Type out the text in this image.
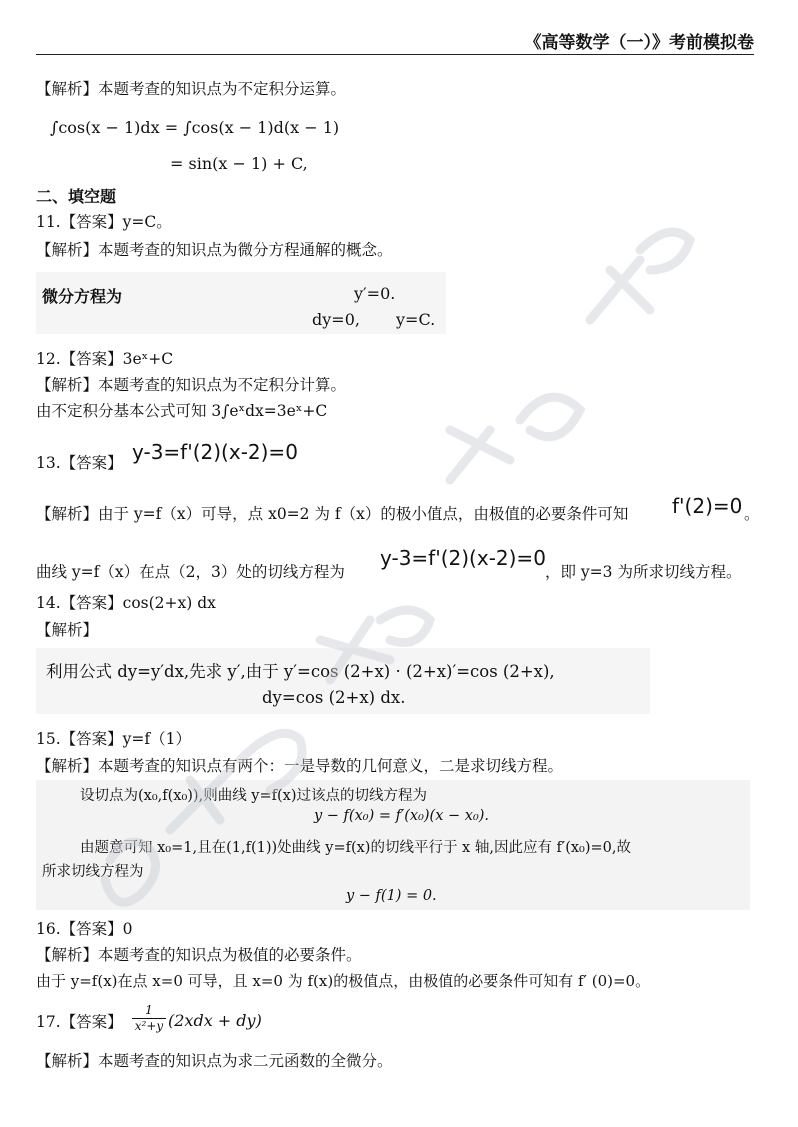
《高等数学（一）》考前模拟卷
【解析】本题考查的知识点为不定积分运算。
∫cos(x − 1)dx = ∫cos(x − 1)d(x − 1)
= sin(x − 1) + C,
二、填空题
11.【答案】y=C。
【解析】本题考查的知识点为微分方程通解的概念。
微分方程为	y′=0.
dy=0, y=C.
12.【答案】3eˣ+C
【解析】本题考查的知识点为不定积分计算。
由不定积分基本公式可知 3∫eˣdx=3eˣ+C
13.【答案】 y-3=f'(2)(x-2)=0
【解析】由于 y=f（x）可导，点 x0=2 为 f（x）的极小值点，由极值的必要条件可知 f'(2)=0 。
曲线 y=f（x）在点（2，3）处的切线方程为
y-3=f'(2)(x-2)=0
，即 y=3 为所求切线方程。
14.【答案】cos(2+x) dx
【解析】
利用公式 dy=y′dx,先求 y′,由于 y′=cos (2+x) · (2+x)′=cos (2+x),
dy=cos (2+x) dx.
15.【答案】y=f（1）
【解析】本题考查的知识点有两个：一是导数的几何意义，二是求切线方程。
设切点为(x₀,f(x₀)),则曲线 y=f(x)过该点的切线方程为
y − f(x₀) = f′(x₀)(x − x₀).
由题意可知 x₀=1,且在(1,f(1))处曲线 y=f(x)的切线平行于 x 轴,因此应有 f′(x₀)=0,故
所求切线方程为
y − f(1) = 0.
16.【答案】0
【解析】本题考查的知识点为极值的必要条件。
由于 y=f(x)在点 x=0 可导，且 x=0 为 f(x)的极值点，由极值的必要条件可知有 f′ (0)=0。
17.【答案】 $\frac{1}{\text{x²+y}} (2xdx + dy)$
【解析】本题考查的知识点为求二元函数的全微分。
